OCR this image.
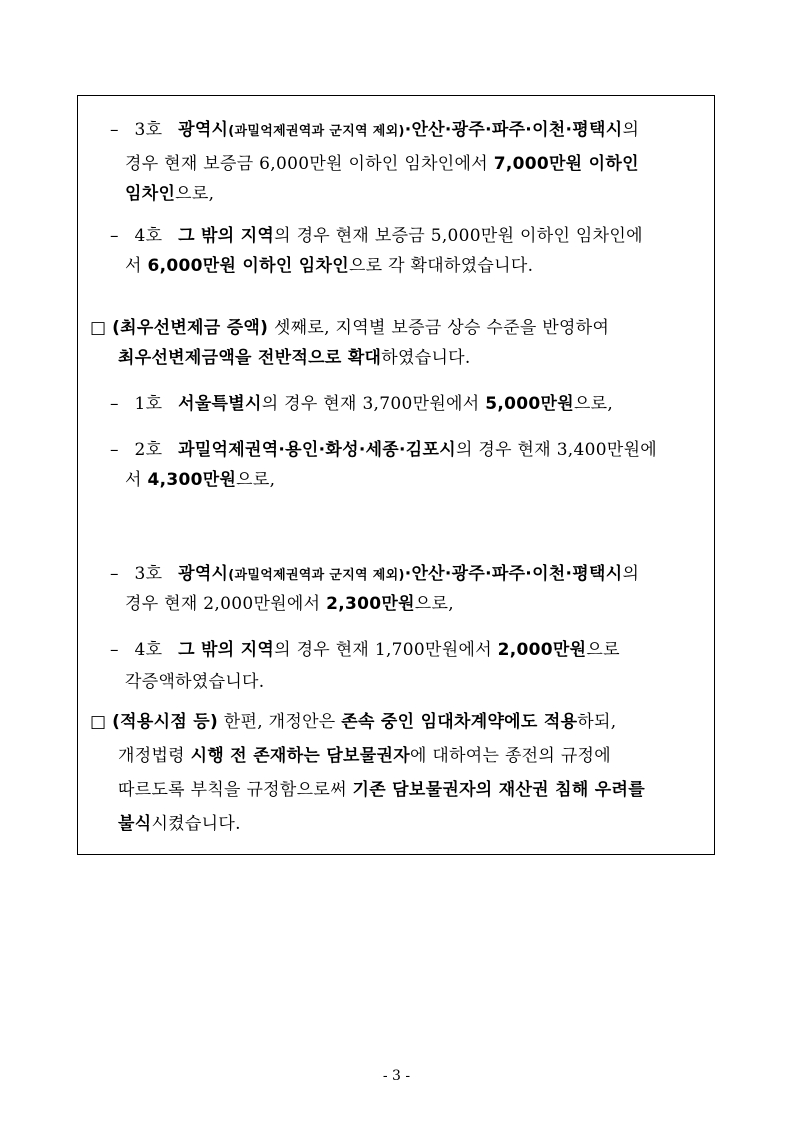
– 3호 광역시(과밀억제권역과 군지역 제외)·안산·광주·파주·이천·평택시의
경우 현재 보증금 6,000만원 이하인 임차인에서 7,000만원 이하인
임차인으로,
– 4호 그 밖의 지역의 경우 현재 보증금 5,000만원 이하인 임차인에
서 6,000만원 이하인 임차인으로 각 확대하였습니다.
□ (최우선변제금 증액) 셋째로, 지역별 보증금 상승 수준을 반영하여
최우선변제금액을 전반적으로 확대하였습니다.
– 1호 서울특별시의 경우 현재 3,700만원에서 5,000만원으로,
– 2호 과밀억제권역·용인·화성·세종·김포시의 경우 현재 3,400만원에
서 4,300만원으로,
– 3호 광역시(과밀억제권역과 군지역 제외)·안산·광주·파주·이천·평택시의
경우 현재 2,000만원에서 2,300만원으로,
– 4호 그 밖의 지역의 경우 현재 1,700만원에서 2,000만원으로
각증액하였습니다.
□ (적용시점 등) 한편, 개정안은 존속 중인 임대차계약에도 적용하되,
개정법령 시행 전 존재하는 담보물권자에 대하여는 종전의 규정에
따르도록 부칙을 규정함으로써 기존 담보물권자의 재산권 침해 우려를
불식시켰습니다.
- 3 -
